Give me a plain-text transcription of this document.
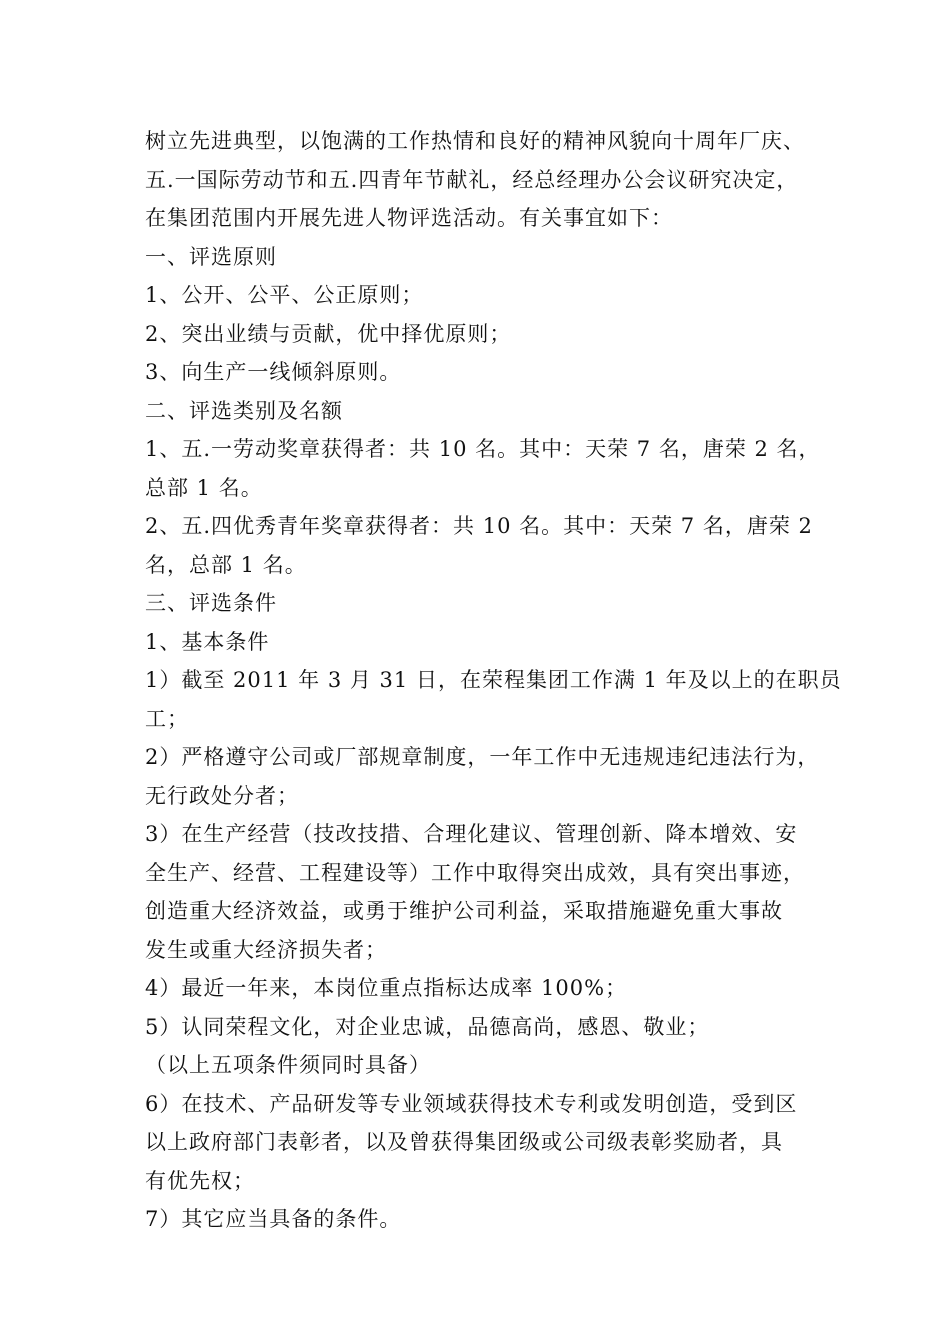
树立先进典型，以饱满的工作热情和良好的精神风貌向十周年厂庆、
五.一国际劳动节和五.四青年节献礼，经总经理办公会议研究决定，
在集团范围内开展先进人物评选活动。有关事宜如下：
一、评选原则
1、公开、公平、公正原则；
2、突出业绩与贡献，优中择优原则；
3、向生产一线倾斜原则。
二、评选类别及名额
1、五.一劳动奖章获得者：共 10 名。其中：天荣 7 名，唐荣 2 名，
总部 1 名。
2、五.四优秀青年奖章获得者：共 10 名。其中：天荣 7 名，唐荣 2
名，总部 1 名。
三、评选条件
1、基本条件
1）截至 2011 年 3 月 31 日，在荣程集团工作满 1 年及以上的在职员
工；
2）严格遵守公司或厂部规章制度，一年工作中无违规违纪违法行为，
无行政处分者；
3）在生产经营（技改技措、合理化建议、管理创新、降本增效、安
全生产、经营、工程建设等）工作中取得突出成效，具有突出事迹，
创造重大经济效益，或勇于维护公司利益，采取措施避免重大事故
发生或重大经济损失者；
4）最近一年来，本岗位重点指标达成率 100%；
5）认同荣程文化，对企业忠诚，品德高尚，感恩、敬业；
（以上五项条件须同时具备）
6）在技术、产品研发等专业领域获得技术专利或发明创造，受到区
以上政府部门表彰者，以及曾获得集团级或公司级表彰奖励者，具
有优先权；
7）其它应当具备的条件。
